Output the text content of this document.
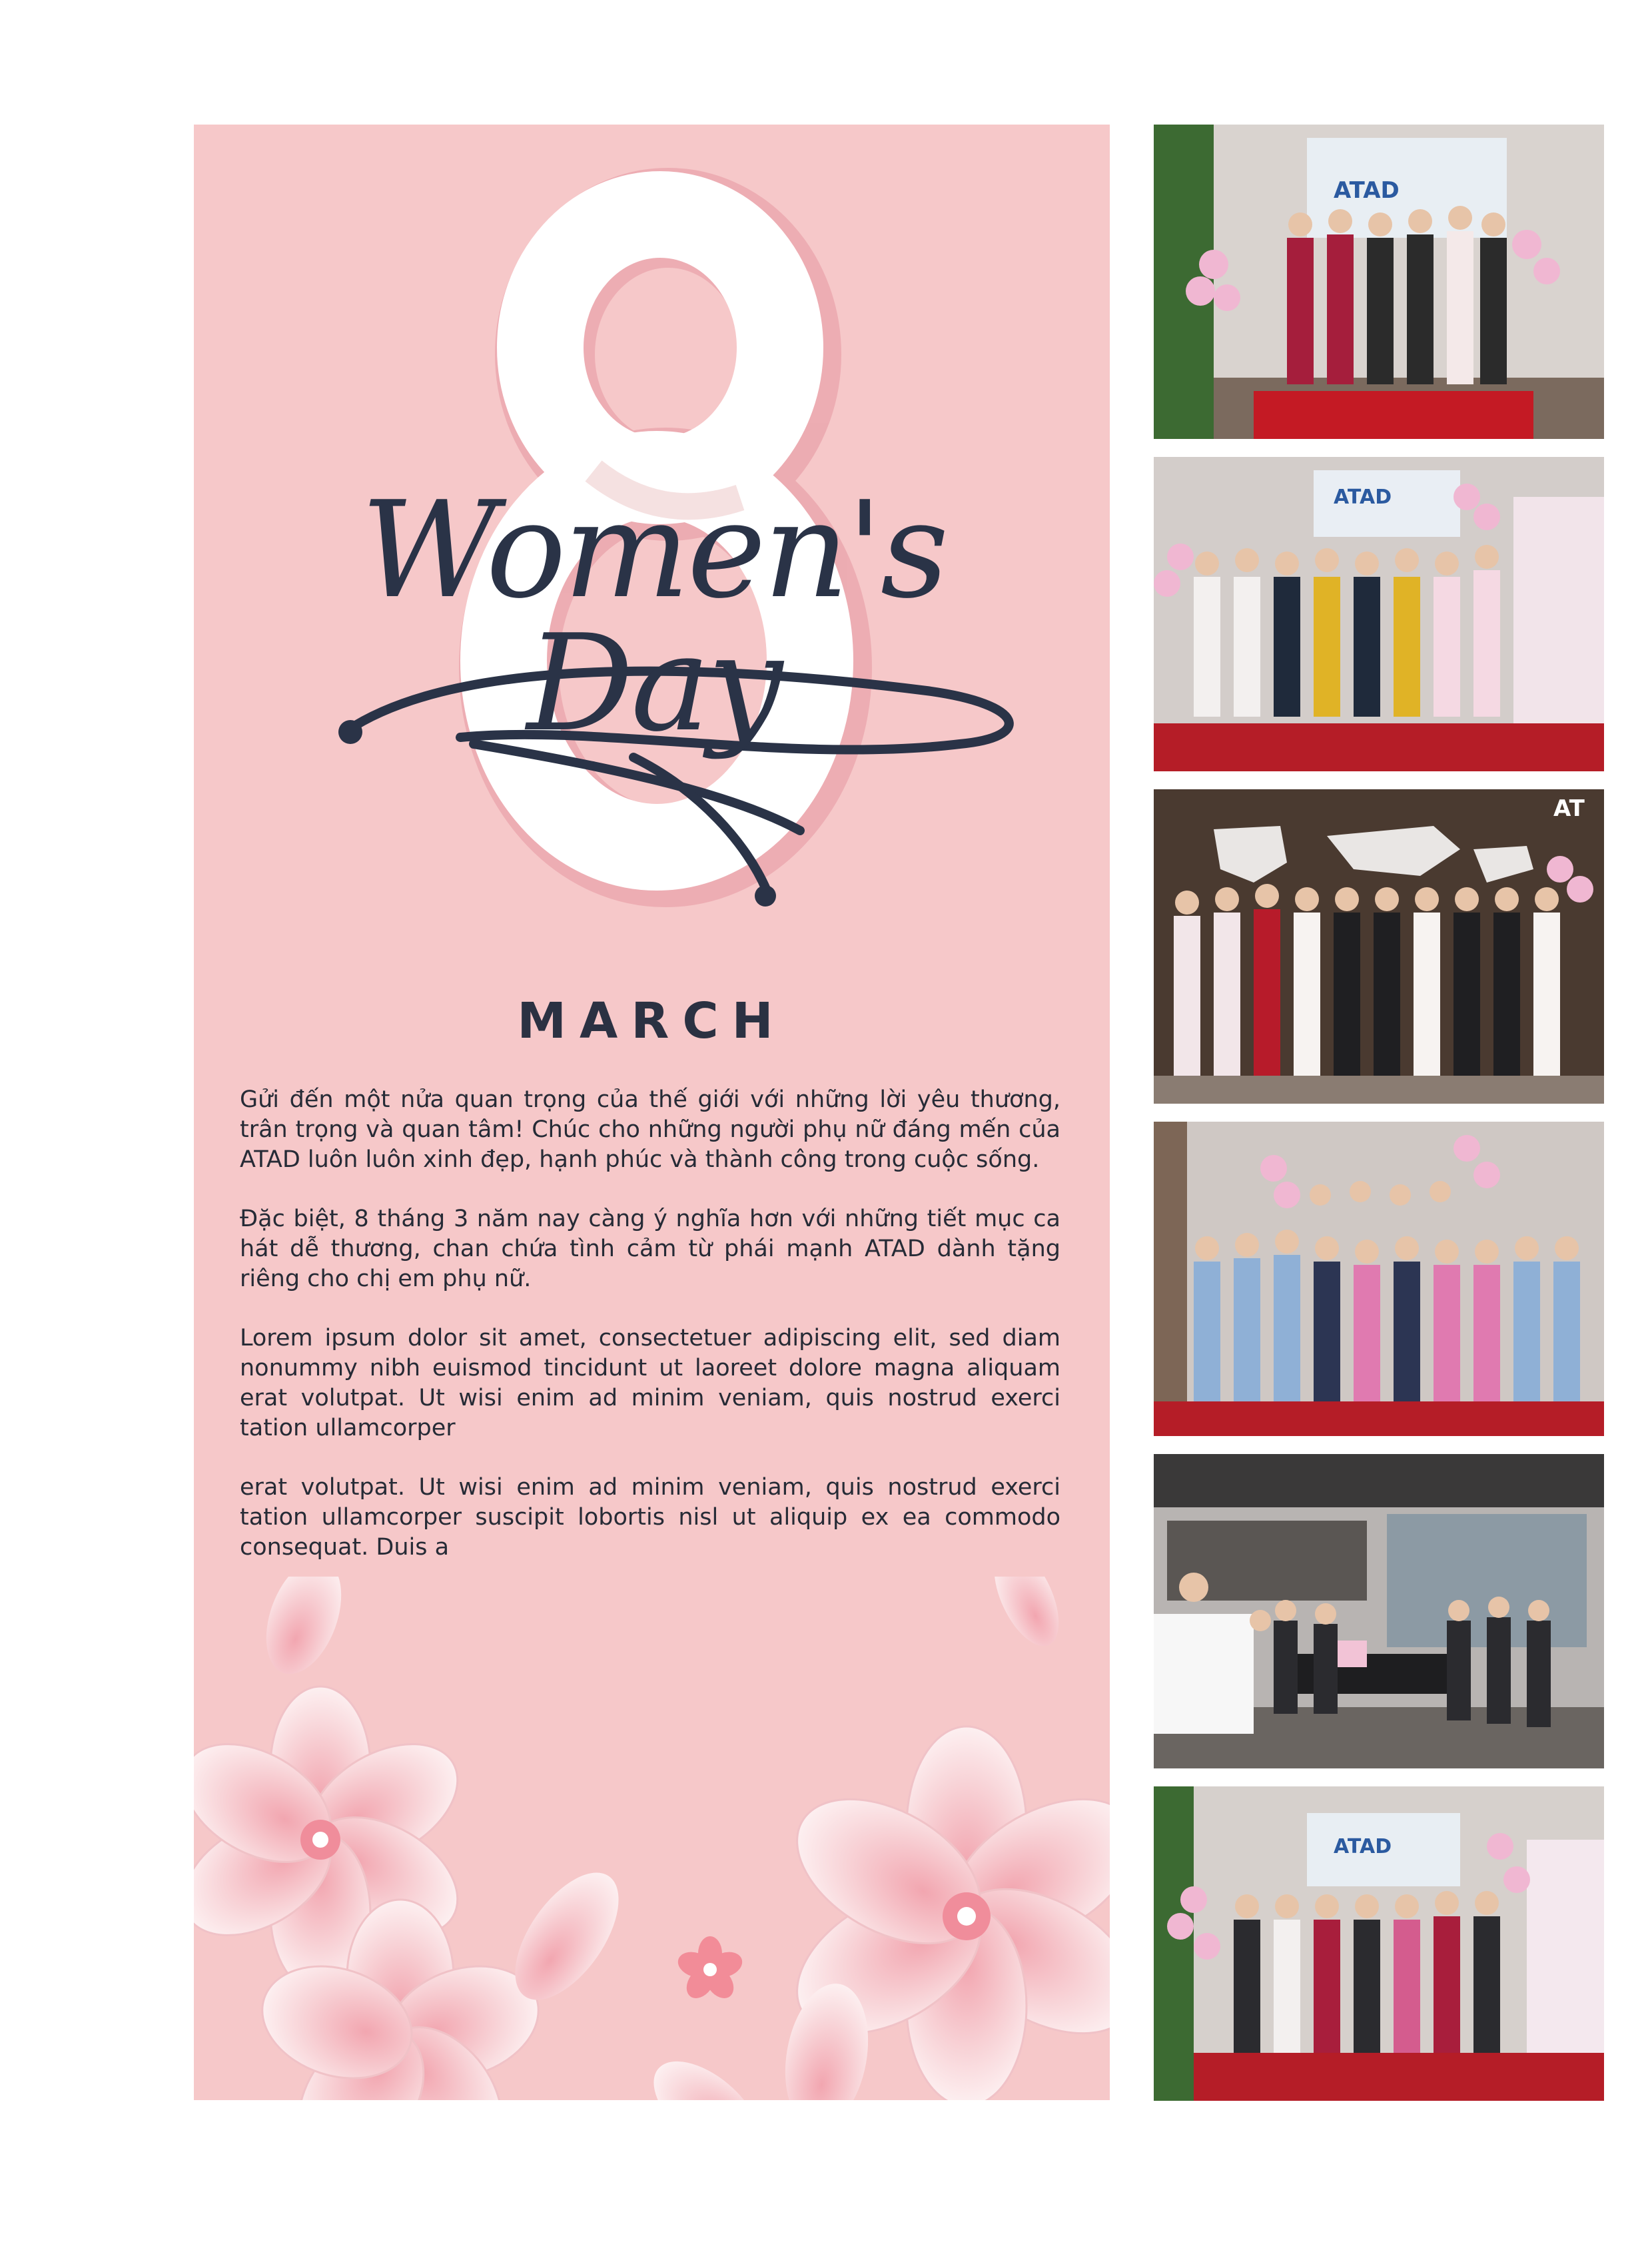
Women's Day
MARCH

Gửi đến một nửa quan trọng của thế giới với những lời yêu thương, trân trọng và quan tâm! Chúc cho những người phụ nữ đáng mến của ATAD luôn luôn xinh đẹp, hạnh phúc và thành công trong cuộc sống.

Đặc biệt, 8 tháng 3 năm nay càng ý nghĩa hơn với những tiết mục ca hát dễ thương, chan chứa tình cảm từ phái mạnh ATAD dành tặng riêng cho chị em phụ nữ.

Lorem ipsum dolor sit amet, consectetuer adipiscing elit, sed diam nonummy nibh euismod tincidunt ut laoreet dolore magna aliquam erat volutpat. Ut wisi enim ad minim veniam, quis nostrud exerci tation ullamcorper

erat volutpat. Ut wisi enim ad minim veniam, quis nostrud exerci tation ullamcorper suscipit lobortis nisl ut aliquip ex ea commodo consequat. Duis a

ATAD
ATAD
AT
ATAD
